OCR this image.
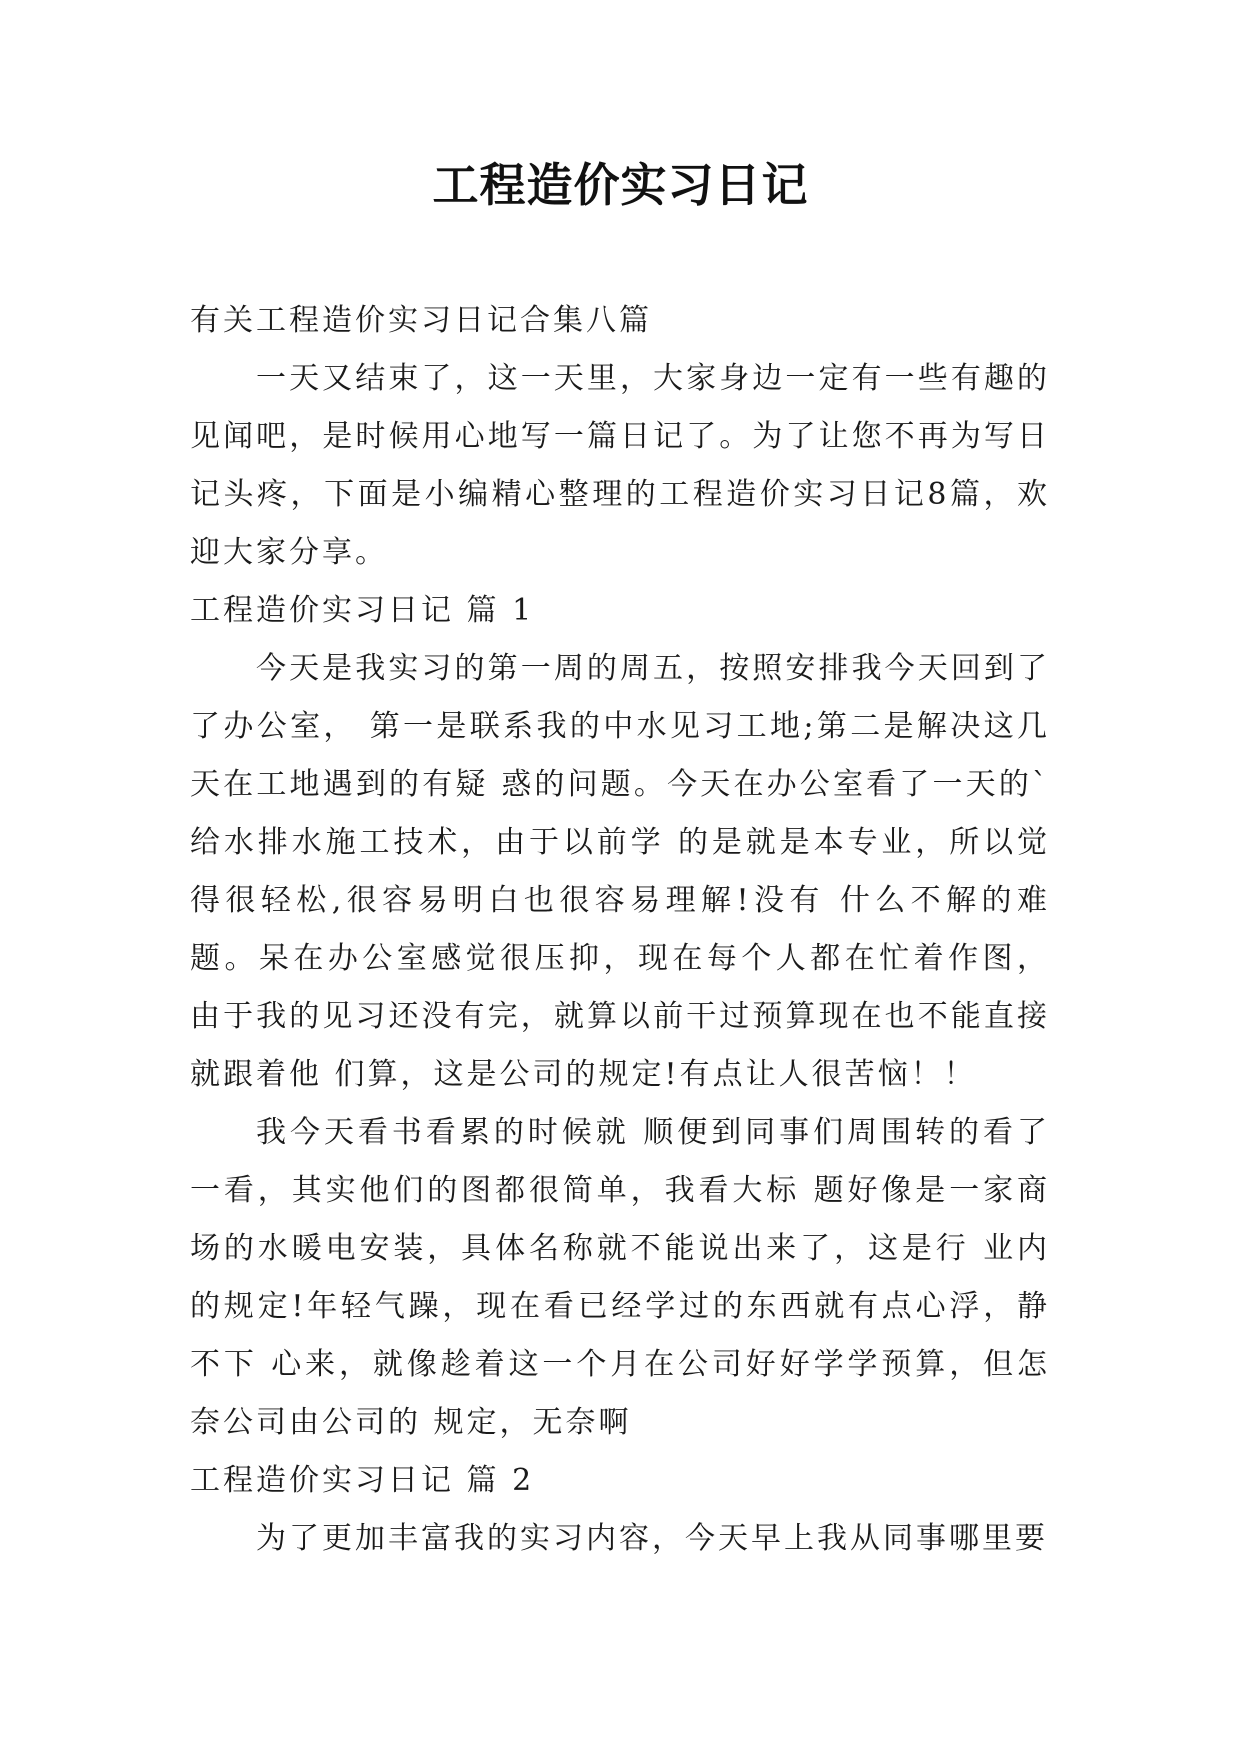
工程造价实习日记

有关工程造价实习日记合集八篇

一天又结束了，这一天里，大家身边一定有一些有趣的见闻吧，是时候用心地写一篇日记了。为了让您不再为写日记头疼，下面是小编精心整理的工程造价实习日记8篇，欢迎大家分享。

工程造价实习日记 篇 1

今天是我实习的第一周的周五，按照安排我今天回到了了办公室， 第一是联系我的中水见习工地;第二是解决这几天在工地遇到的有疑 惑的问题。今天在办公室看了一天的`给水排水施工技术，由于以前学 的是就是本专业，所以觉得很轻松,很容易明白也很容易理解!没有 什么不解的难题。呆在办公室感觉很压抑，现在每个人都在忙着作图， 由于我的见习还没有完，就算以前干过预算现在也不能直接就跟着他 们算，这是公司的规定!有点让人很苦恼！！

我今天看书看累的时候就 顺便到同事们周围转的看了一看，其实他们的图都很简单，我看大标 题好像是一家商场的水暖电安装，具体名称就不能说出来了，这是行 业内的规定!年轻气躁，现在看已经学过的东西就有点心浮，静不下 心来，就像趁着这一个月在公司好好学学预算，但怎奈公司由公司的 规定，无奈啊

工程造价实习日记 篇 2

为了更加丰富我的实习内容，今天早上我从同事哪里要
